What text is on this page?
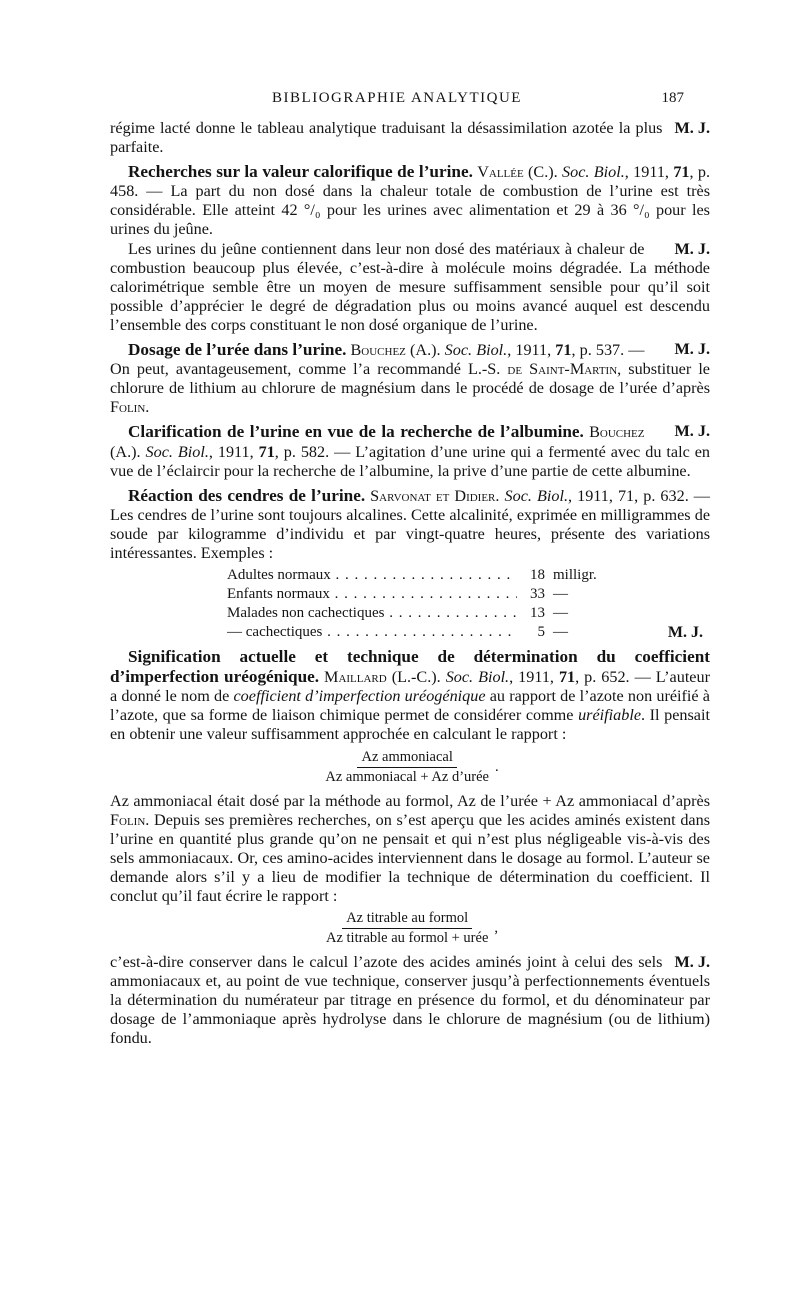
BIBLIOGRAPHIE ANALYTIQUE	187

M. J.
régime lacté donne le tableau analytique traduisant la désassimilation azotée la plus parfaite.

Recherches sur la valeur calorifique de l’urine. Vallée (C.). Soc. Biol., 1911, 71, p. 458. — La part du non dosé dans la chaleur totale de combustion de l’urine est très considérable. Elle atteint 42 °/₀ pour les urines avec alimentation et 29 à 36 °/₀ pour les urines du jeûne.

M. J.
Les urines du jeûne contiennent dans leur non dosé des matériaux à chaleur de combustion beaucoup plus élevée, c’est-à-dire à molécule moins dégradée. La méthode calorimétrique semble être un moyen de mesure suffisamment sensible pour qu’il soit possible d’apprécier le degré de dégradation plus ou moins avancé auquel est descendu l’ensemble des corps constituant le non dosé organique de l’urine.

M. J.
Dosage de l’urée dans l’urine. Bouchez (A.). Soc. Biol., 1911, 71, p. 537. — On peut, avantageusement, comme l’a recommandé L.-S. de Saint-Martin, substituer le chlorure de lithium au chlorure de magnésium dans le procédé de dosage de l’urée d’après Folin.

M. J.
Clarification de l’urine en vue de la recherche de l’albumine. Bouchez (A.). Soc. Biol., 1911, 71, p. 582. — L’agitation d’une urine qui a fermenté avec du talc en vue de l’éclaircir pour la recherche de l’albumine, la prive d’une partie de cette albumine.

Réaction des cendres de l’urine. Sarvonat et Didier. Soc. Biol., 1911, 71, p. 632. — Les cendres de l’urine sont toujours alcalines. Cette alcalinité, exprimée en milligrammes de soude par kilogramme d’individu et par vingt-quatre heures, présente des variations intéressantes. Exemples :

Adultes normaux . . .	18 milligr.
Enfants normaux . . .	33 —
Malades non cachectiques . . .	13 —
— cachectiques . . .	5 —	M. J.

Signification actuelle et technique de détermination du coefficient d’imperfection uréogénique. Maillard (L.-C.). Soc. Biol., 1911, 71, p. 652. — L’auteur a donné le nom de coefficient d’imperfection uréogénique au rapport de l’azote non uréifié à l’azote, que sa forme de liaison chimique permet de considérer comme uréifiable. Il pensait en obtenir une valeur suffisamment approchée en calculant le rapport :

$\frac{\text{Az ammoniacal}}{\text{Az ammoniacal + Az d’urée}}$ .

Az ammoniacal était dosé par la méthode au formol, Az de l’urée + Az ammoniacal d’après Folin. Depuis ses premières recherches, on s’est aperçu que les acides aminés existent dans l’urine en quantité plus grande qu’on ne pensait et qui n’est plus négligeable vis-à-vis des sels ammoniacaux. Or, ces amino-acides interviennent dans le dosage au formol. L’auteur se demande alors s’il y a lieu de modifier la technique de détermination du coefficient. Il conclut qu’il faut écrire le rapport :

$\frac{\text{Az titrable au formol}}{\text{Az titrable au formol + urée}}$ ,

M. J.
c’est-à-dire conserver dans le calcul l’azote des acides aminés joint à celui des sels ammoniacaux et, au point de vue technique, conserver jusqu’à perfectionnements éventuels la détermination du numérateur par titrage en présence du formol, et du dénominateur par dosage de l’ammoniaque après hydrolyse dans le chlorure de magnésium (ou de lithium) fondu.
